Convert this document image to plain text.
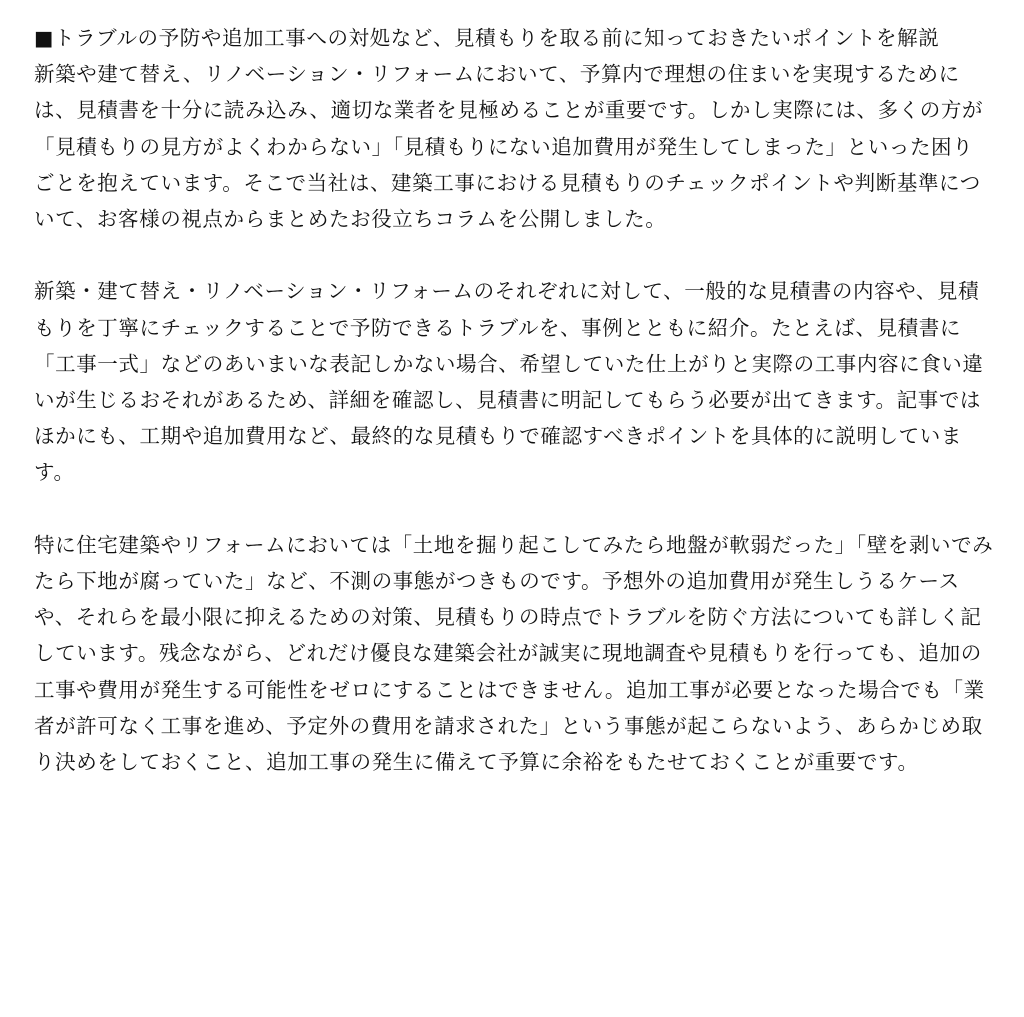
■トラブルの予防や追加工事への対処など、見積もりを取る前に知っておきたいポイントを解説

新築や建て替え、リノベーション・リフォームにおいて、予算内で理想の住まいを実現するためには、見積書を十分に読み込み、適切な業者を見極めることが重要です。しかし実際には、多くの方が「見積もりの見方がよくわからない」「見積もりにない追加費用が発生してしまった」といった困りごとを抱えています。そこで当社は、建築工事における見積もりのチェックポイントや判断基準について、お客様の視点からまとめたお役立ちコラムを公開しました。

新築・建て替え・リノベーション・リフォームのそれぞれに対して、一般的な見積書の内容や、見積もりを丁寧にチェックすることで予防できるトラブルを、事例とともに紹介。たとえば、見積書に「工事一式」などのあいまいな表記しかない場合、希望していた仕上がりと実際の工事内容に食い違いが生じるおそれがあるため、詳細を確認し、見積書に明記してもらう必要が出てきます。記事ではほかにも、工期や追加費用など、最終的な見積もりで確認すべきポイントを具体的に説明しています。

特に住宅建築やリフォームにおいては「土地を掘り起こしてみたら地盤が軟弱だった」「壁を剥いでみたら下地が腐っていた」など、不測の事態がつきものです。予想外の追加費用が発生しうるケースや、それらを最小限に抑えるための対策、見積もりの時点でトラブルを防ぐ方法についても詳しく記しています。残念ながら、どれだけ優良な建築会社が誠実に現地調査や見積もりを行っても、追加の工事や費用が発生する可能性をゼロにすることはできません。追加工事が必要となった場合でも「業者が許可なく工事を進め、予定外の費用を請求された」という事態が起こらないよう、あらかじめ取り決めをしておくこと、追加工事の発生に備えて予算に余裕をもたせておくことが重要です。
